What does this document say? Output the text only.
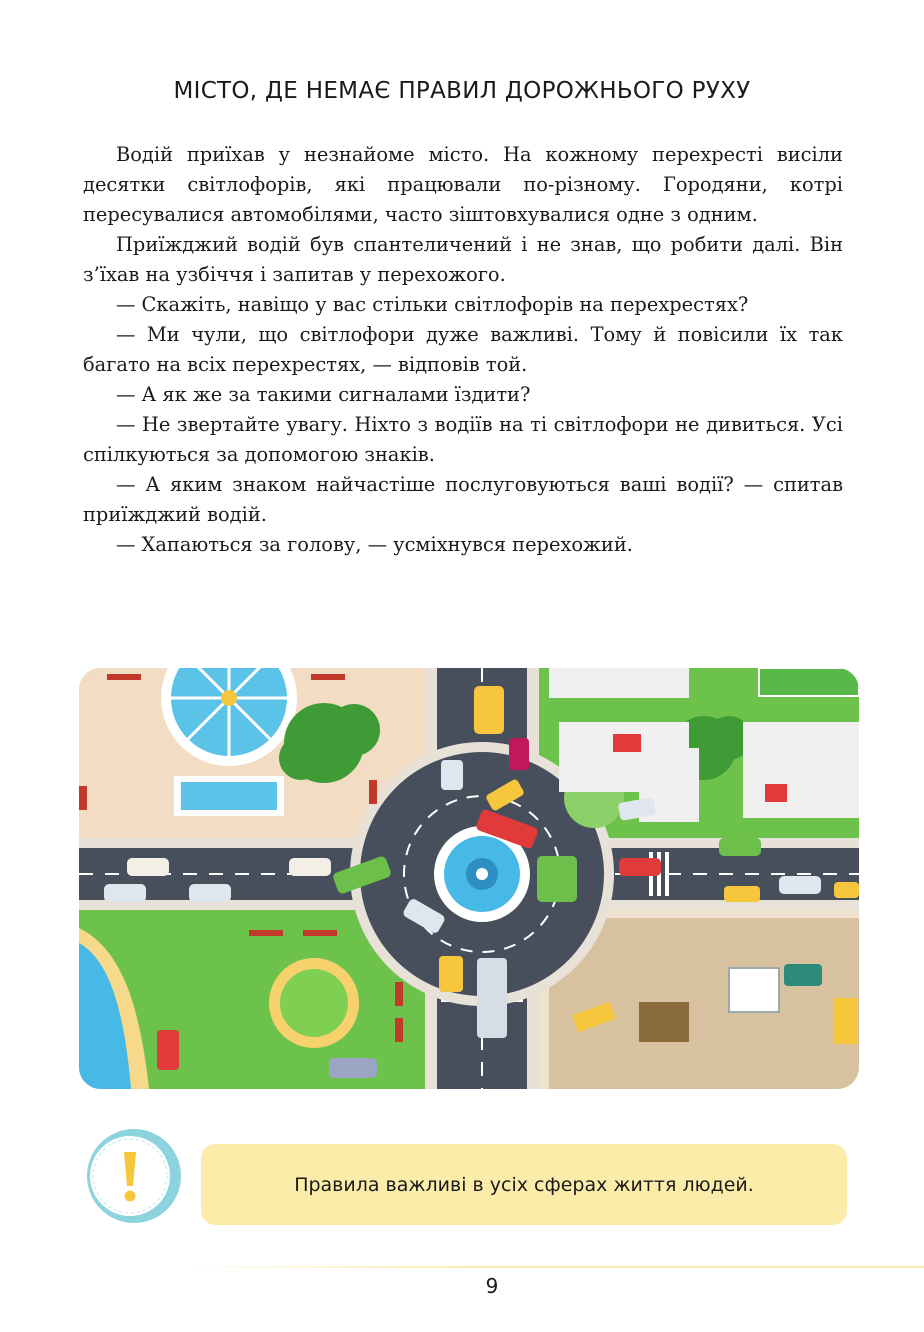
МІСТО, ДЕ НЕМАЄ ПРАВИЛ ДОРОЖНЬОГО РУХУ

Водій приїхав у незнайоме місто. На кожному перехресті висіли десятки світлофорів, які працювали по-різному. Городяни, котрі пересувалися автомобілями, часто зіштовхувалися одне з одним.

Приїжджий водій був спантеличений і не знав, що робити далі. Він з’їхав на узбіччя і запитав у перехожого.

— Скажіть, навіщо у вас стільки світлофорів на перехрестях?

— Ми чули, що світлофори дуже важливі. Тому й повісили їх так багато на всіх перехрестях, — відповів той.

— А як же за такими сигналами їздити?

— Не звертайте увагу. Ніхто з водіїв на ті світлофори не дивиться. Усі спілкуються за допомогою знаків.

— А яким знаком найчастіше послуговуються ваші водії? — спитав приїжджий водій.

— Хапаються за голову, — усміхнувся перехожий.

Правила важливі в усіх сферах життя людей.
9
